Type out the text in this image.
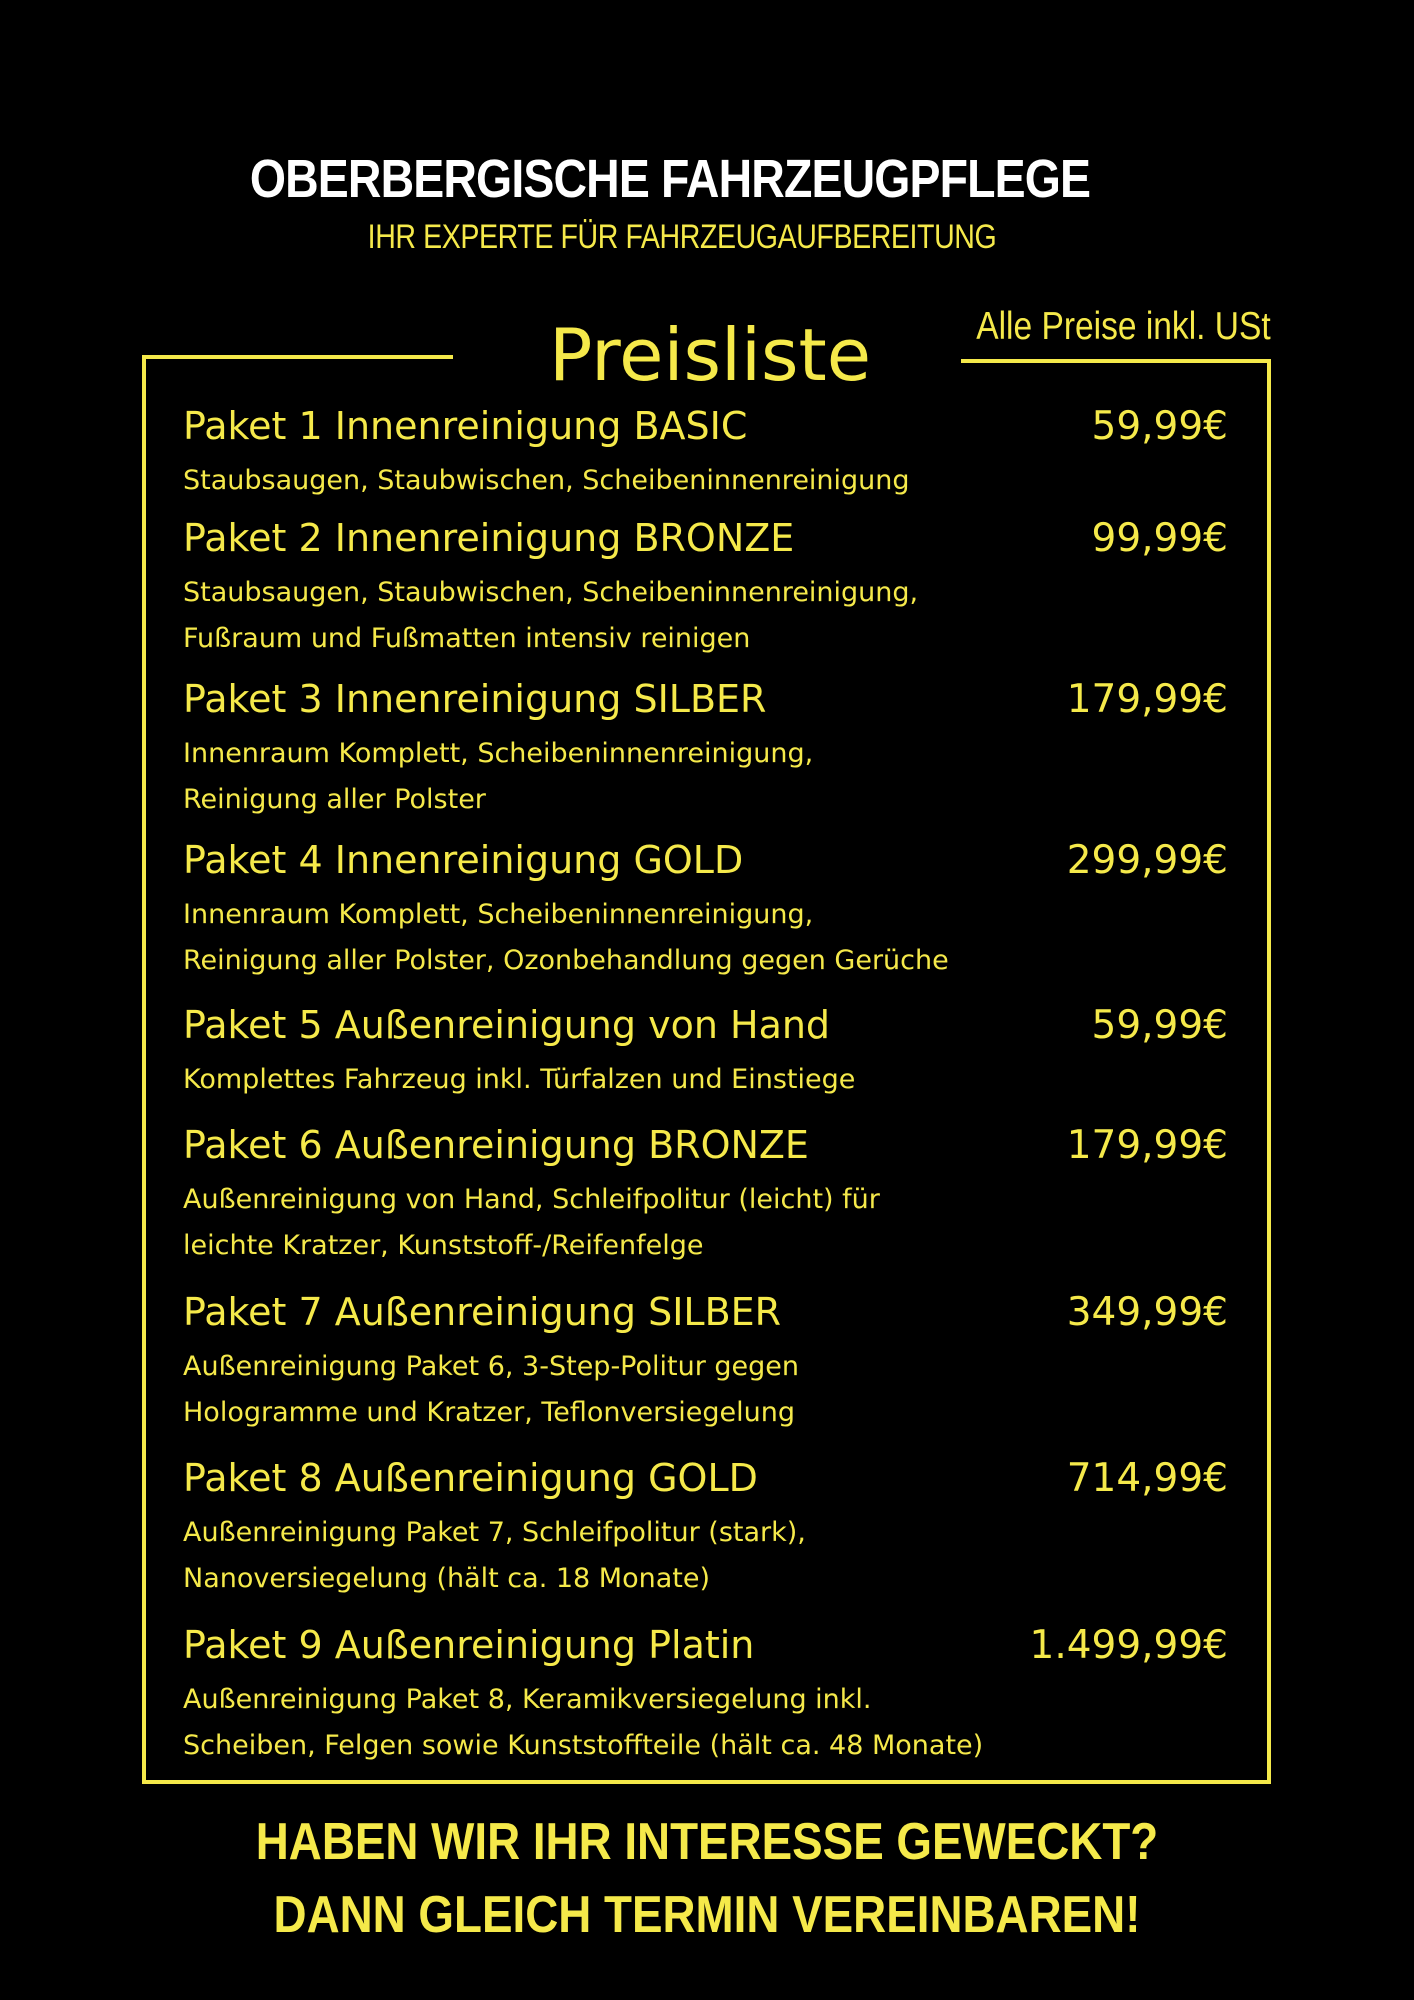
OBERBERGISCHE FAHRZEUGPFLEGE
IHR EXPERTE FÜR FAHRZEUGAUFBEREITUNG
Preisliste	Alle Preise inkl. USt
Paket 1 Innenreinigung BASIC	59,99€
Staubsaugen, Staubwischen, Scheibeninnenreinigung
Paket 2 Innenreinigung BRONZE	99,99€
Staubsaugen, Staubwischen, Scheibeninnenreinigung,
Fußraum und Fußmatten intensiv reinigen
Paket 3 Innenreinigung SILBER	179,99€
Innenraum Komplett, Scheibeninnenreinigung,
Reinigung aller Polster
Paket 4 Innenreinigung GOLD	299,99€
Innenraum Komplett, Scheibeninnenreinigung,
Reinigung aller Polster, Ozonbehandlung gegen Gerüche
Paket 5 Außenreinigung von Hand	59,99€
Komplettes Fahrzeug inkl. Türfalzen und Einstiege
Paket 6 Außenreinigung BRONZE	179,99€
Außenreinigung von Hand, Schleifpolitur (leicht) für
leichte Kratzer, Kunststoff-/Reifenfelge
Paket 7 Außenreinigung SILBER	349,99€
Außenreinigung Paket 6, 3-Step-Politur gegen
Hologramme und Kratzer, Teflonversiegelung
Paket 8 Außenreinigung GOLD	714,99€
Außenreinigung Paket 7, Schleifpolitur (stark),
Nanoversiegelung (hält ca. 18 Monate)
Paket 9 Außenreinigung Platin	1.499,99€
Außenreinigung Paket 8, Keramikversiegelung inkl.
Scheiben, Felgen sowie Kunststoffteile (hält ca. 48 Monate)
HABEN WIR IHR INTERESSE GEWECKT?
DANN GLEICH TERMIN VEREINBAREN!
